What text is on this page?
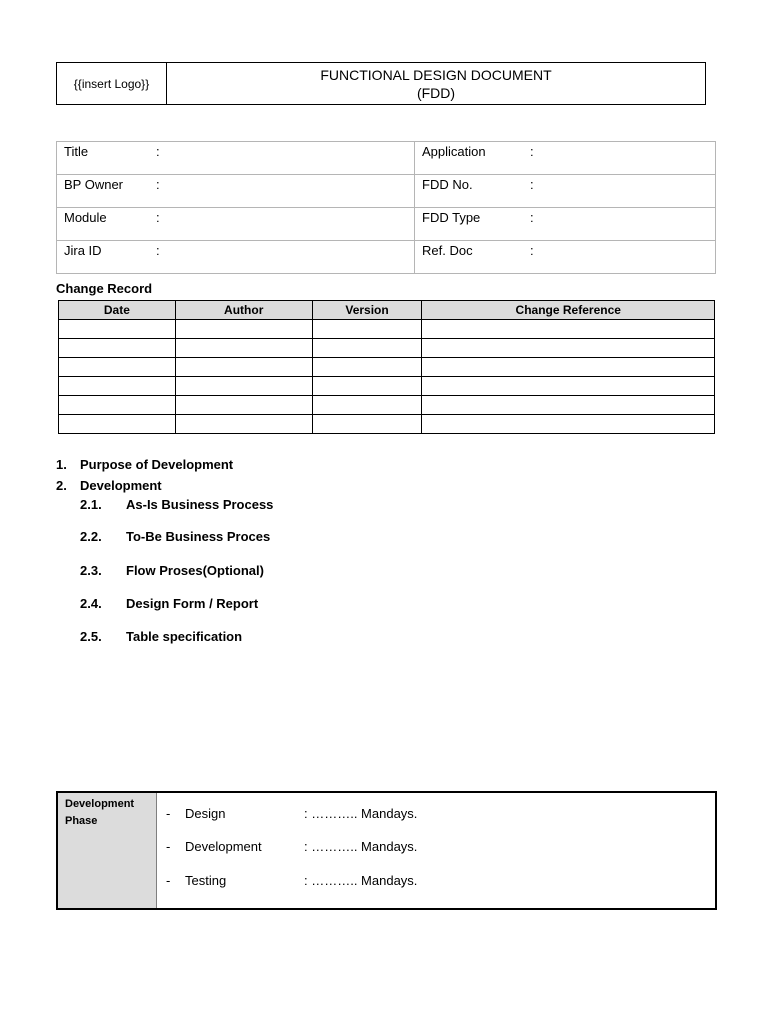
{{insert Logo}}
FUNCTIONAL DESIGN DOCUMENT
(FDD)
Title :	Application :
BP Owner :	FDD No. :
Module :	FDD Type :
Jira ID :	Ref. Doc :
Change Record
Date	Author	Version	Change Reference

1. Purpose of Development
2. Development
2.1. As-Is Business Process
2.2. To-Be Business Proces
2.3. Flow Proses(Optional)
2.4. Design Form / Report
2.5. Table specification
Development
Phase	-	Design	: ……….. Mandays.
-	Development	: ……….. Mandays.
-	Testing	: ……….. Mandays.
